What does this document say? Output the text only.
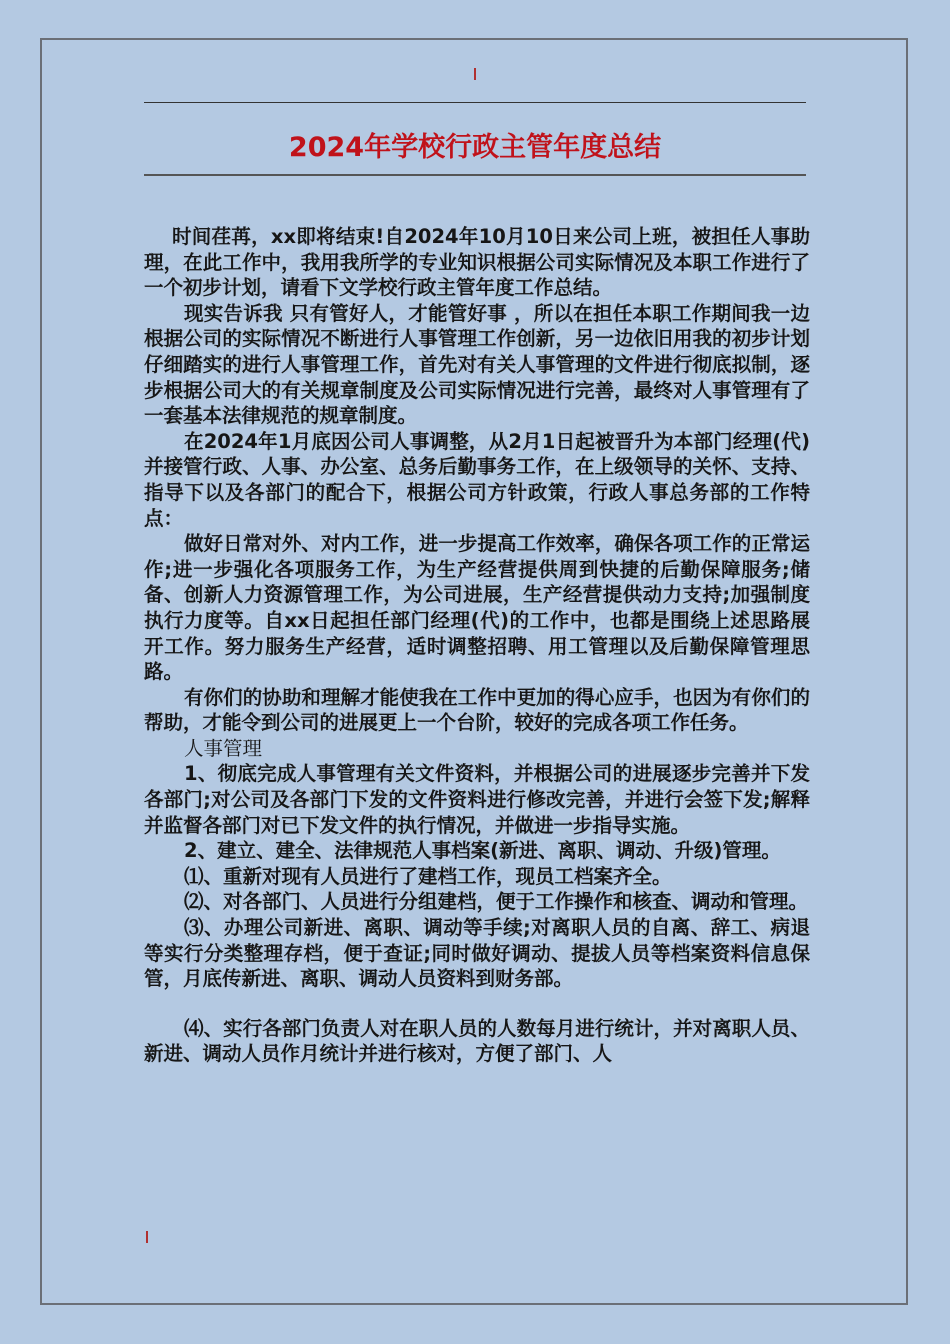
2024年学校行政主管年度总结

时间荏苒，xx即将结束!自2024年10月10日来公司上班，被担任人事助理，在此工作中，我用我所学的专业知识根据公司实际情况及本职工作进行了一个初步计划，请看下文学校行政主管年度工作总结。

现实告诉我 只有管好人，才能管好事 ，所以在担任本职工作期间我一边根据公司的实际情况不断进行人事管理工作创新，另一边依旧用我的初步计划仔细踏实的进行人事管理工作，首先对有关人事管理的文件进行彻底拟制，逐步根据公司大的有关规章制度及公司实际情况进行完善，最终对人事管理有了一套基本法律规范的规章制度。

在2024年1月底因公司人事调整，从2月1日起被晋升为本部门经理(代)并接管行政、人事、办公室、总务后勤事务工作，在上级领导的关怀、支持、指导下以及各部门的配合下，根据公司方针政策，行政人事总务部的工作特点：

做好日常对外、对内工作，进一步提高工作效率，确保各项工作的正常运作;进一步强化各项服务工作，为生产经营提供周到快捷的后勤保障服务;储备、创新人力资源管理工作，为公司进展，生产经营提供动力支持;加强制度执行力度等。自xx日起担任部门经理(代)的工作中，也都是围绕上述思路展开工作。努力服务生产经营，适时调整招聘、用工管理以及后勤保障管理思路。

有你们的协助和理解才能使我在工作中更加的得心应手，也因为有你们的帮助，才能令到公司的进展更上一个台阶，较好的完成各项工作任务。

人事管理

1、彻底完成人事管理有关文件资料，并根据公司的进展逐步完善并下发各部门;对公司及各部门下发的文件资料进行修改完善，并进行会签下发;解释并监督各部门对已下发文件的执行情况，并做进一步指导实施。

2、建立、建全、法律规范人事档案(新进、离职、调动、升级)管理。

⑴、重新对现有人员进行了建档工作，现员工档案齐全。

⑵、对各部门、人员进行分组建档，便于工作操作和核查、调动和管理。

⑶、办理公司新进、离职、调动等手续;对离职人员的自离、辞工、病退等实行分类整理存档，便于查证;同时做好调动、提拔人员等档案资料信息保管，月底传新进、离职、调动人员资料到财务部。

⑷、实行各部门负责人对在职人员的人数每月进行统计，并对离职人员、新进、调动人员作月统计并进行核对，方便了部门、人
